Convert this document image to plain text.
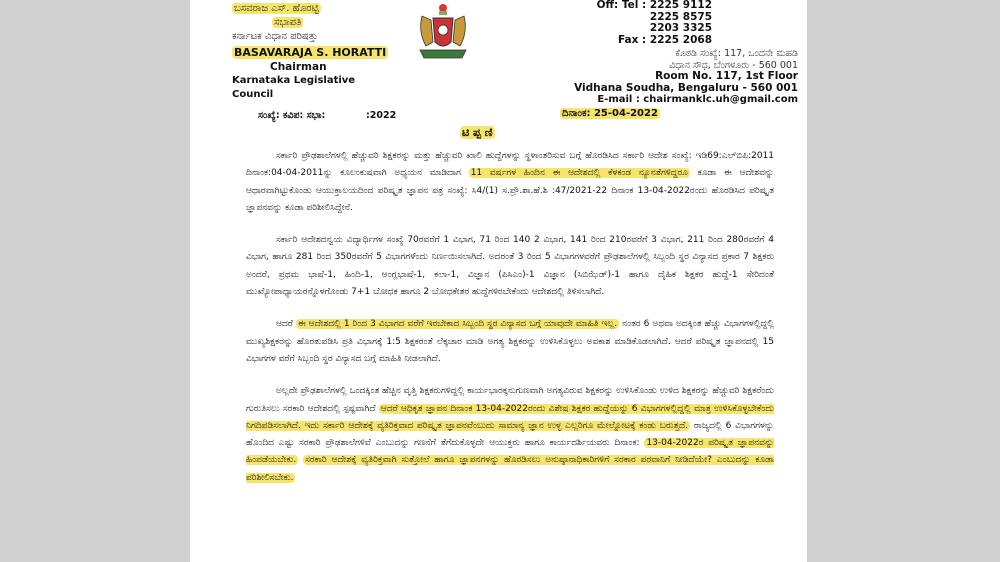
ಬಸವರಾಜ ಎಸ್. ಹೊರಟ್ಟಿ
ಸಭಾಪತಿ
ಕರ್ನಾಟಕ ವಿಧಾನ ಪರಿಷತ್ತು
BASAVARAJA S. HORATTI
Chairman
Karnataka Legislative Council
Off: Tel : 2225 9112
2225 8575
2203 3325
Fax : 2225 2068
ಕೊಠಡಿ ಸಂಖ್ಯೆ: 117, ಒಂದನೇ ಮಹಡಿ
ವಿಧಾನ ಸೌಧ, ಬೆಂಗಳೂರು - 560 001
Room No. 117, 1st Floor
Vidhana Soudha, Bengaluru - 560 001
E-mail : chairmanklc.uh@gmail.com
ಸಂಖ್ಯೆ: ಕವಿಪ: ಸಭಾ:	:2022	ದಿನಾಂಕ: 25-04-2022
ಟಿ ಪ್ಪ ಣಿ

ಸರ್ಕಾರಿ ಪ್ರೌಢಶಾಲೆಗಳಲ್ಲಿ ಹೆಚ್ಚುವರಿ ಶಿಕ್ಷಕರನ್ನು ಮತ್ತು ಹೆಚ್ಚುವರಿ ಖಾಲಿ ಹುದ್ದೆಗಳನ್ನು ಸ್ಥಳಾಂತರಿಸುವ ಬಗ್ಗೆ ಹೊರಡಿಸಿದ ಸರ್ಕಾರಿ ಆದೇಶ ಸಂಖ್ಯೆ: ಇಡಿ69:ಎಲ್‌ಬಿಪಿ:2011 ದಿನಾಂಕ:04-04-2011ನ್ನು ಕೂಲಂಕುಷವಾಗಿ ಅಧ್ಯಯನ ಮಾಡಿದಾಗ 11 ವರ್ಷಗಳ ಹಿಂದಿನ ಈ ಆದೇಶದಲ್ಲಿ ಕೆಳಕಂಡ ನ್ಯೂನತೆಗಳಿದ್ದರೂ ಕೂಡಾ ಈ ಆದೇಶವನ್ನು ಆಧಾರವಾಗಿಟ್ಟುಕೊಂಡು ಆಯುಕ್ತಾಲಯದಿಂದ ಪರಿಷ್ಕೃತ ಜ್ಞಾಪನ ಪತ್ರ ಸಂಖ್ಯೆ: ಸಿ4/(1) ಸ.ಪ್ರೌ.ಶಾ.ಹೆ.ಶಿ :47/2021-22 ದಿನಾಂಕ 13-04-2022ರಂದು ಹೊರಡಿಸಿದ ಪರಿಷ್ಕೃತ ಜ್ಞಾಪನವನ್ನು ಕೂಡಾ ಪರಿಶೀಲಿಸಿದ್ದೇನೆ.

ಸರ್ಕಾರಿ ಆದೇಶದನ್ವಯ ವಿದ್ಯಾರ್ಥಿಗಳ ಸಂಖ್ಯೆ 70ರವರೆಗೆ 1 ವಿಭಾಗ, 71 ರಿಂದ 140 2 ವಿಭಾಗ, 141 ರಿಂದ 210ರವರೆಗೆ 3 ವಿಭಾಗ, 211 ರಿಂದ 280ರವರೆಗೆ 4 ವಿಭಾಗ, ಹಾಗೂ 281 ರಿಂದ 350ರವರೆಗೆ 5 ವಿಭಾಗಗಳೆಂದು ನಿರ್ಣಯಿಸಲಾಗಿದೆ. ಅದರಂತೆ 3 ರಿಂದ 5 ವಿಭಾಗಗಳವರೆಗೆ ಪ್ರೌಢಶಾಲೆಗಳಲ್ಲಿ ಸಿಬ್ಬಂದಿ ಸ್ಥರ ವಿನ್ಯಾಸದ ಪ್ರಕಾರ 7 ಶಿಕ್ಷಕರು ಅಂದರೆ, ಪ್ರಥಮ ಭಾಷೆ-1, ಹಿಂದಿ-1, ಆಂಗ್ಲಭಾಷೆ-1, ಕಲಾ-1, ವಿಜ್ಞಾನ (ಪಿಸಿಎಂ)-1 ವಿಜ್ಞಾನ (ಸಿಬಿಝೆಡ್)-1 ಹಾಗೂ ದೈಹಿಕ ಶಿಕ್ಷಕರ ಹುದ್ದೆ-1 ಸೇರಿದಂತೆ ಮುಖ್ಯೋಪಾಧ್ಯಾಯರನ್ನೊಳಗೊಂಡು 7+1 ಬೋಧಕ ಹಾಗೂ 2 ಬೋಧಕೇತರ ಹುದ್ದೆಗಳಿರಬೇಕೆಂದು ಆದೇಶದಲ್ಲಿ ತಿಳಿಸಲಾಗಿದೆ.

ಆದರೆ ಈ ಆದೇಶದಲ್ಲಿ 1 ರಿಂದ 3 ವಿಭಾಗದ ವರೆಗೆ ಇರಬೇಕಾದ ಸಿಬ್ಬಂದಿ ಸ್ಥರ ವಿನ್ಯಾಸದ ಬಗ್ಗೆ ಯಾವುದೇ ಮಾಹಿತಿ ಇಲ್ಲ. ನಂತರ 6 ಅಥವಾ ಅದಕ್ಕಿಂತ ಹೆಚ್ಚು ವಿಭಾಗಗಳಲ್ಲಿದ್ದಲ್ಲಿ ಮುಖ್ಯಶಿಕ್ಷಕರನ್ನು ಹೊರತುಪಡಿಸಿ ಪ್ರತಿ ವಿಭಾಗಕ್ಕೆ 1:5 ಶಿಕ್ಷಕರಂತೆ ಲೆಕ್ಕಚಾರ ಮಾಡಿ ಅಗತ್ಯ ಶಿಕ್ಷಕರನ್ನು ಉಳಿಸಿಕೊಳ್ಳಲು ಅವಕಾಶ ಮಾಡಿಕೊಡಲಾಗಿದೆ. ಆದರೆ ಪರಿಷ್ಕೃತ ಜ್ಞಾಪನದಲ್ಲಿ 15 ವಿಭಾಗಗಳ ವರೆಗೆ ಸಿಬ್ಬಂದಿ ಸ್ಥರ ವಿನ್ಯಾಸದ ಬಗ್ಗೆ ಮಾಹಿತಿ ನೀಡಲಾಗಿದೆ.

ಅಲ್ಲದೇ ಪ್ರೌಢಶಾಲೆಗಳಲ್ಲಿ ಒಂದಕ್ಕಿಂತ ಹೆಚ್ಚಿನ ವೃತ್ತಿ ಶಿಕ್ಷಕರುಗಳಿದ್ದಲ್ಲಿ ಕಾರ್ಯಭಾರಕ್ಕನುಗುಣವಾಗಿ ಅಗತ್ಯವಿರುವ ಶಿಕ್ಷಕರನ್ನು ಉಳಿಸಿಕೊಂಡು ಉಳಿದ ಶಿಕ್ಷಕರನ್ನು ಹೆಚ್ಚುವರಿ ಶಿಕ್ಷಕರೆಂದು ಗುರುತಿಸಲು ಸರಕಾರಿ ಆದೇಶದಲ್ಲಿ ಸ್ಪಷ್ಟವಾಗಿದೆ ಆದರೆ ಆಧಿಕೃತ ಜ್ಞಾಪನ ದಿನಾಂಕ 13-04-2022ರಂದು ವಿಶೇಷ ಶಿಕ್ಷಕರ ಹುದ್ದೆಯನ್ನು 6 ವಿಭಾಗಗಳಲ್ಲಿದ್ದಲ್ಲಿ ಮಾತ್ರ ಉಳಿಸಿಕೊಳ್ಳಬೇಕೆಂದು ನಿಗದಿಪಡಿಸಲಾಗಿದೆ. ಇದು ಸರ್ಕಾರಿ ಆದೇಶಕ್ಕೆ ವ್ಯತಿರಿಕ್ತವಾದ ಪರಿಷ್ಕೃತ ಜ್ಞಾಪನವೆಂಬುದು ಸಾಮಾನ್ಯ ಜ್ಞಾನ ಉಳ್ಳ ಎಲ್ಲರಿಗೂ ಮೇಲ್ನೋಟಕ್ಕೆ ಕಂಡು ಬರುತ್ತದೆ. ರಾಜ್ಯದಲ್ಲಿ 6 ವಿಭಾಗಗಳನ್ನು ಹೊಂದಿದ ಎಷ್ಟು ಸರಕಾರಿ ಪ್ರೌಢಶಾಲೆಗಳಿವೆ ಎಂಬುದನ್ನು ಗಣನೆಗೆ ತೆಗೆದುಕೊಳ್ಳದೇ ಆಯುಕ್ತರು ಹಾಗೂ ಕಾರ್ಯದರ್ಶಿಯವರು ದಿನಾಂಕ: 13-04-2022ರ ಪರಿಷ್ಕೃತ ಜ್ಞಾಪನವನ್ನು ಹಿಂಪಡೆಯಬೇಕು. ಸರಕಾರಿ ಆದೇಶಕ್ಕೆ ವ್ಯತಿರಿಕ್ತವಾಗಿ ಸುತ್ತೋಲೆ ಹಾಗೂ ಜ್ಞಾಪನಗಳನ್ನು ಹೊರಡಿಸಲು ಅನುಷ್ಠಾನಾಧಿಕಾರಿಗಳಿಗೆ ಸರಕಾರ ಪರವಾನಿಗೆ ನೀಡಿದೆಯೇ? ಎಂಬುದನ್ನು ಕೂಡಾ ಪರಿಶೀಲಿಸಬೇಕು.
